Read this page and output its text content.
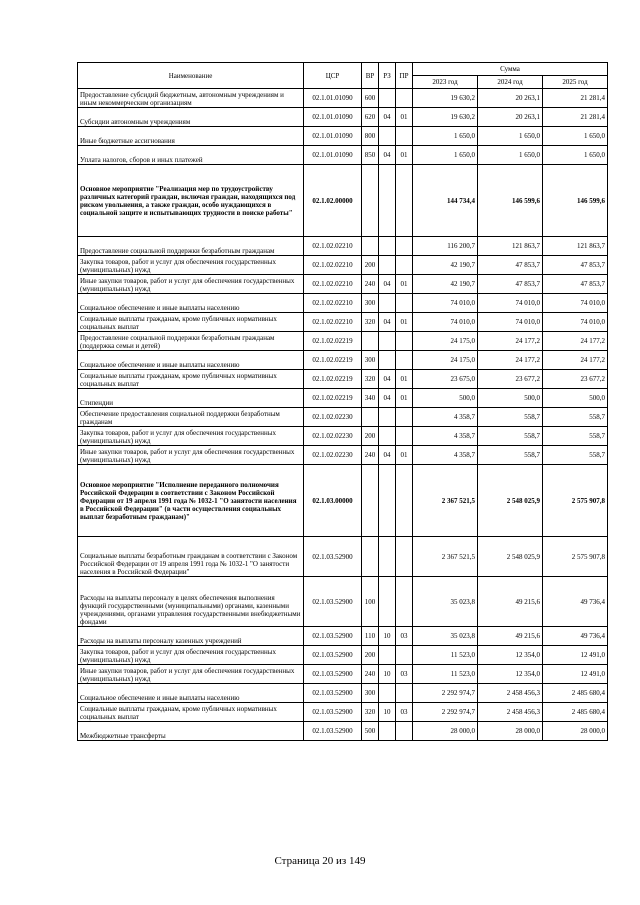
Наименование	ЦСР	ВР	РЗ	ПР	Сумма		
					2023 год	2024 год	2025 год
Предоставление субсидий бюджетным, автономным учреждениям и иным некоммерческим организациям	02.1.01.01090	600			19 630,2	20 263,1	21 281,4
Субсидии автономным учреждениям	02.1.01.01090	620	04	01	19 630,2	20 263,1	21 281,4
Иные бюджетные ассигнования	02.1.01.01090	800			1 650,0	1 650,0	1 650,0
Уплата налогов, сборов и иных платежей	02.1.01.01090	850	04	01	1 650,0	1 650,0	1 650,0
Основное мероприятие "Реализация мер по трудоустройству различных категорий граждан, включая граждан, находящихся под риском увольнения, а также граждан, особо нуждающихся в социальной защите и испытывающих трудности в поиске работы"	02.1.02.00000				144 734,4	146 599,6	146 599,6
Предоставление социальной поддержки безработным гражданам	02.1.02.02210				116 200,7	121 863,7	121 863,7
Закупка товаров, работ и услуг для обеспечения государственных (муниципальных) нужд	02.1.02.02210	200			42 190,7	47 853,7	47 853,7
Иные закупки товаров, работ и услуг для обеспечения государственных (муниципальных) нужд	02.1.02.02210	240	04	01	42 190,7	47 853,7	47 853,7
Социальное обеспечение и иные выплаты населению	02.1.02.02210	300			74 010,0	74 010,0	74 010,0
Социальные выплаты гражданам, кроме публичных нормативных социальных выплат	02.1.02.02210	320	04	01	74 010,0	74 010,0	74 010,0
Предоставление социальной поддержки безработным гражданам (поддержка семьи и детей)	02.1.02.02219				24 175,0	24 177,2	24 177,2
Социальное обеспечение и иные выплаты населению	02.1.02.02219	300			24 175,0	24 177,2	24 177,2
Социальные выплаты гражданам, кроме публичных нормативных социальных выплат	02.1.02.02219	320	04	01	23 675,0	23 677,2	23 677,2
Стипендии	02.1.02.02219	340	04	01	500,0	500,0	500,0
Обеспечение предоставления социальной поддержки безработным гражданам	02.1.02.02230				4 358,7	558,7	558,7
Закупка товаров, работ и услуг для обеспечения государственных (муниципальных) нужд	02.1.02.02230	200			4 358,7	558,7	558,7
Иные закупки товаров, работ и услуг для обеспечения государственных (муниципальных) нужд	02.1.02.02230	240	04	01	4 358,7	558,7	558,7
Основное мероприятие "Исполнение переданного полномочия Российской Федерации в соответствии с Законом Российской Федерации от 19 апреля 1991 года № 1032-1 "О занятости населения в Российской Федерации" (в части осуществления социальных выплат безработным гражданам)"	02.1.03.00000				2 367 521,5	2 548 025,9	2 575 907,8
Социальные выплаты безработным гражданам в соответствии с Законом Российской Федерации от 19 апреля 1991 года № 1032-1 "О занятости населения в Российской Федерации"	02.1.03.52900				2 367 521,5	2 548 025,9	2 575 907,8
Расходы на выплаты персоналу в целях обеспечения выполнения функций государственными (муниципальными) органами, казенными учреждениями, органами управления государственными внебюджетными фондами	02.1.03.52900	100			35 023,8	49 215,6	49 736,4
Расходы на выплаты персоналу казенных учреждений	02.1.03.52900	110	10	03	35 023,8	49 215,6	49 736,4
Закупка товаров, работ и услуг для обеспечения государственных (муниципальных) нужд	02.1.03.52900	200			11 523,0	12 354,0	12 491,0
Иные закупки товаров, работ и услуг для обеспечения государственных (муниципальных) нужд	02.1.03.52900	240	10	03	11 523,0	12 354,0	12 491,0
Социальное обеспечение и иные выплаты населению	02.1.03.52900	300			2 292 974,7	2 458 456,3	2 485 680,4
Социальные выплаты гражданам, кроме публичных нормативных социальных выплат	02.1.03.52900	320	10	03	2 292 974,7	2 458 456,3	2 485 680,4
Межбюджетные трансферты	02.1.03.52900	500			28 000,0	28 000,0	28 000,0
Страница 20 из 149
